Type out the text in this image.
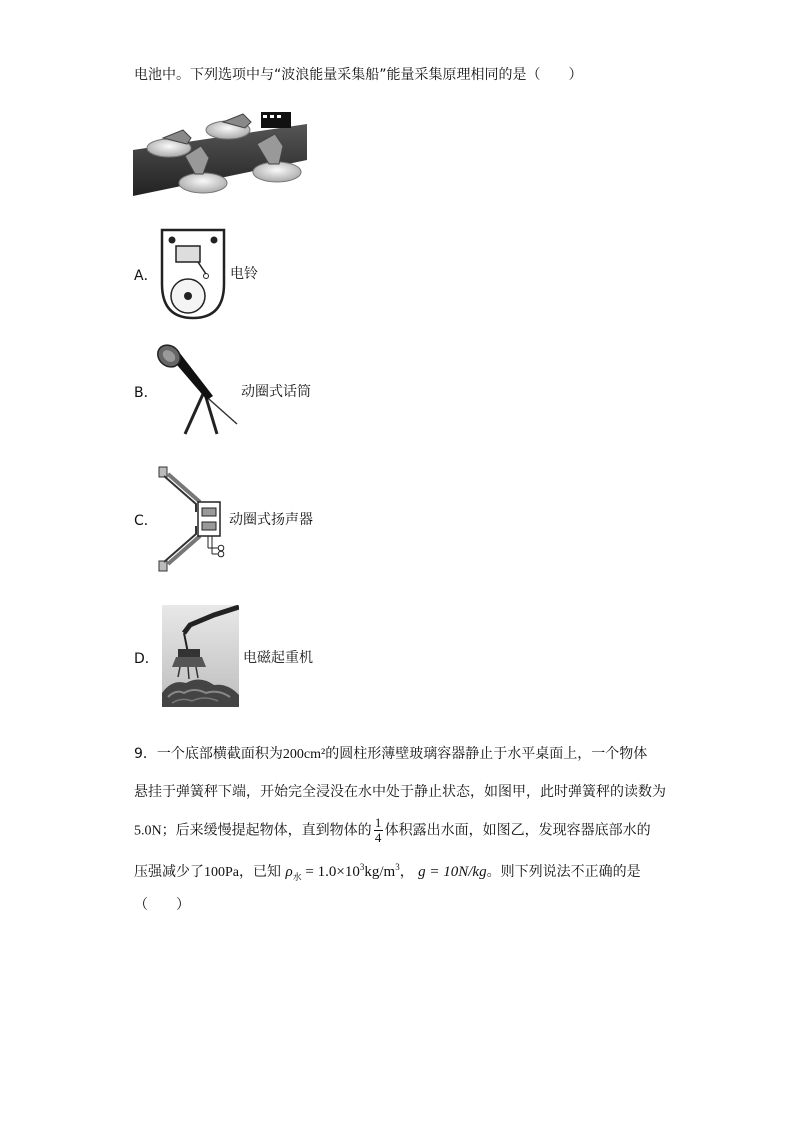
电池中。下列选项中与“波浪能量采集船”能量采集原理相同的是（　　）
A．	电铃
B．	动圈式话筒
C．	动圈式扬声器
D．	电磁起重机
9．一个底部横截面积为200cm²的圆柱形薄壁玻璃容器静止于水平桌面上，一个物体
悬挂于弹簧秤下端，开始完全浸没在水中处于静止状态，如图甲，此时弹簧秤的读数为
5.0N；后来缓慢提起物体，直到物体的 $\frac{1}{4}$ 体积露出水面，如图乙，发现容器底部水的
压强减少了100Pa，已知 $\rho_水 = 1.0\times 10^3kg/m^3$， g = 10N/kg。则下列说法不正确的是
（　　）
